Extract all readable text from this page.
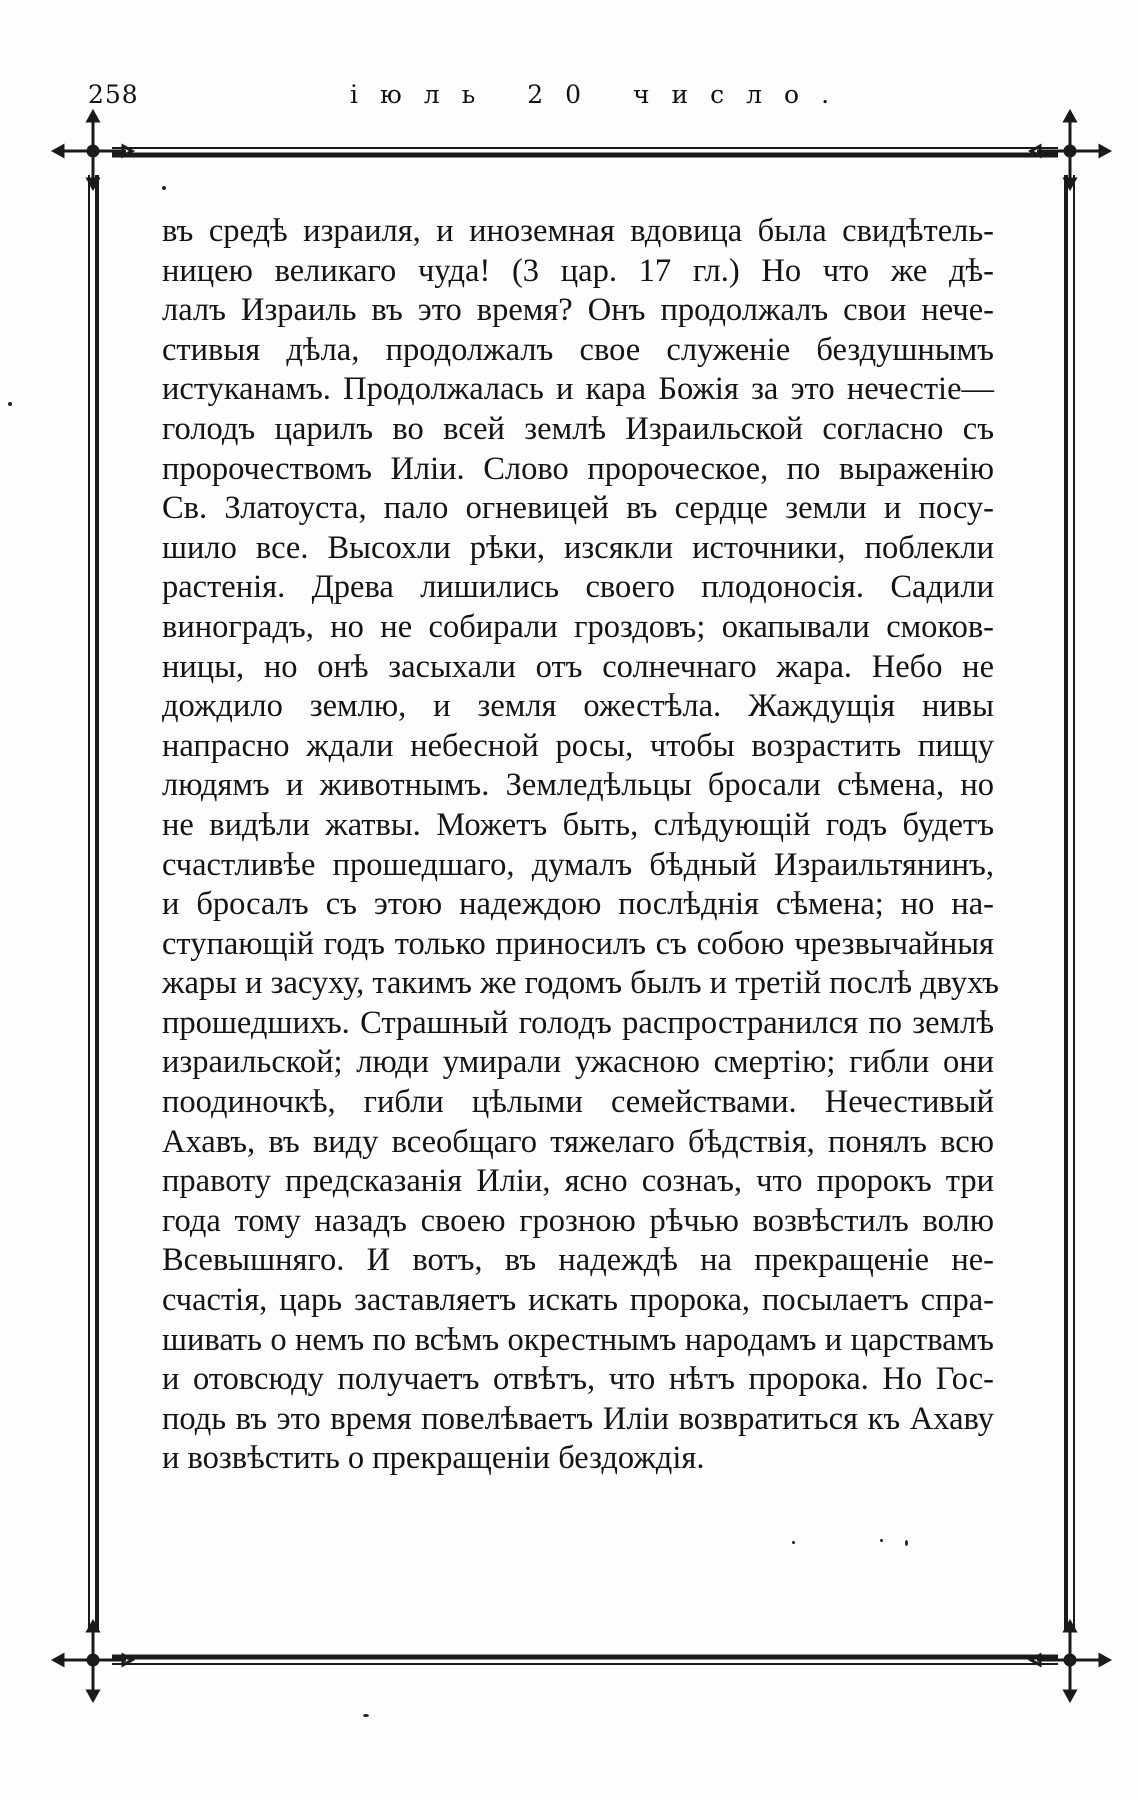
258	іюль 20 число.
въ средѣ израиля, и иноземная вдовица была свидѣтель-
ницею великаго чуда! (3 цар. 17 гл.) Но что же дѣ-
лалъ Израиль въ это время? Онъ продолжалъ свои нече-
стивыя дѣла, продолжалъ свое служеніе бездушнымъ
истуканамъ. Продолжалась и кара Божія за это нечестіе—
голодъ царилъ во всей землѣ Израильской согласно съ
пророчествомъ Иліи. Слово пророческое, по выраженію
Св. Златоуста, пало огневицей въ сердце земли и посу-
шило все. Высохли рѣки, изсякли источники, поблекли
растенія. Древа лишились своего плодоносія. Садили
виноградъ, но не собирали гроздовъ; окапывали смоков-
ницы, но онѣ засыхали отъ солнечнаго жара. Небо не
дождило землю, и земля ожестѣла. Жаждущія нивы
напрасно ждали небесной росы, чтобы возрастить пищу
людямъ и животнымъ. Земледѣльцы бросали сѣмена, но
не видѣли жатвы. Можетъ быть, слѣдующій годъ будетъ
счастливѣе прошедшаго, думалъ бѣдный Израильтянинъ,
и бросалъ съ этою надеждою послѣднія сѣмена; но на-
ступающій годъ только приносилъ съ собою чрезвычайныя
жары и засуху, такимъ же годомъ былъ и третій послѣ двухъ
прошедшихъ. Страшный голодъ распространился по землѣ
израильской; люди умирали ужасною смертію; гибли они
поодиночкѣ, гибли цѣлыми семействами. Нечестивый
Ахавъ, въ виду всеобщаго тяжелаго бѣдствія, понялъ всю
правоту предсказанія Иліи, ясно сознаъ, что пророкъ три
года тому назадъ своею грозною рѣчью возвѣстилъ волю
Всевышняго. И вотъ, въ надеждѣ на прекращеніе не-
счастія, царь заставляетъ искать пророка, посылаетъ спра-
шивать о немъ по всѣмъ окрестнымъ народамъ и царствамъ
и отовсюду получаетъ отвѣтъ, что нѣтъ пророка. Но Гос-
подь въ это время повелѣваетъ Иліи возвратиться къ Ахаву
и возвѣстить о прекращеніи бездождія.
